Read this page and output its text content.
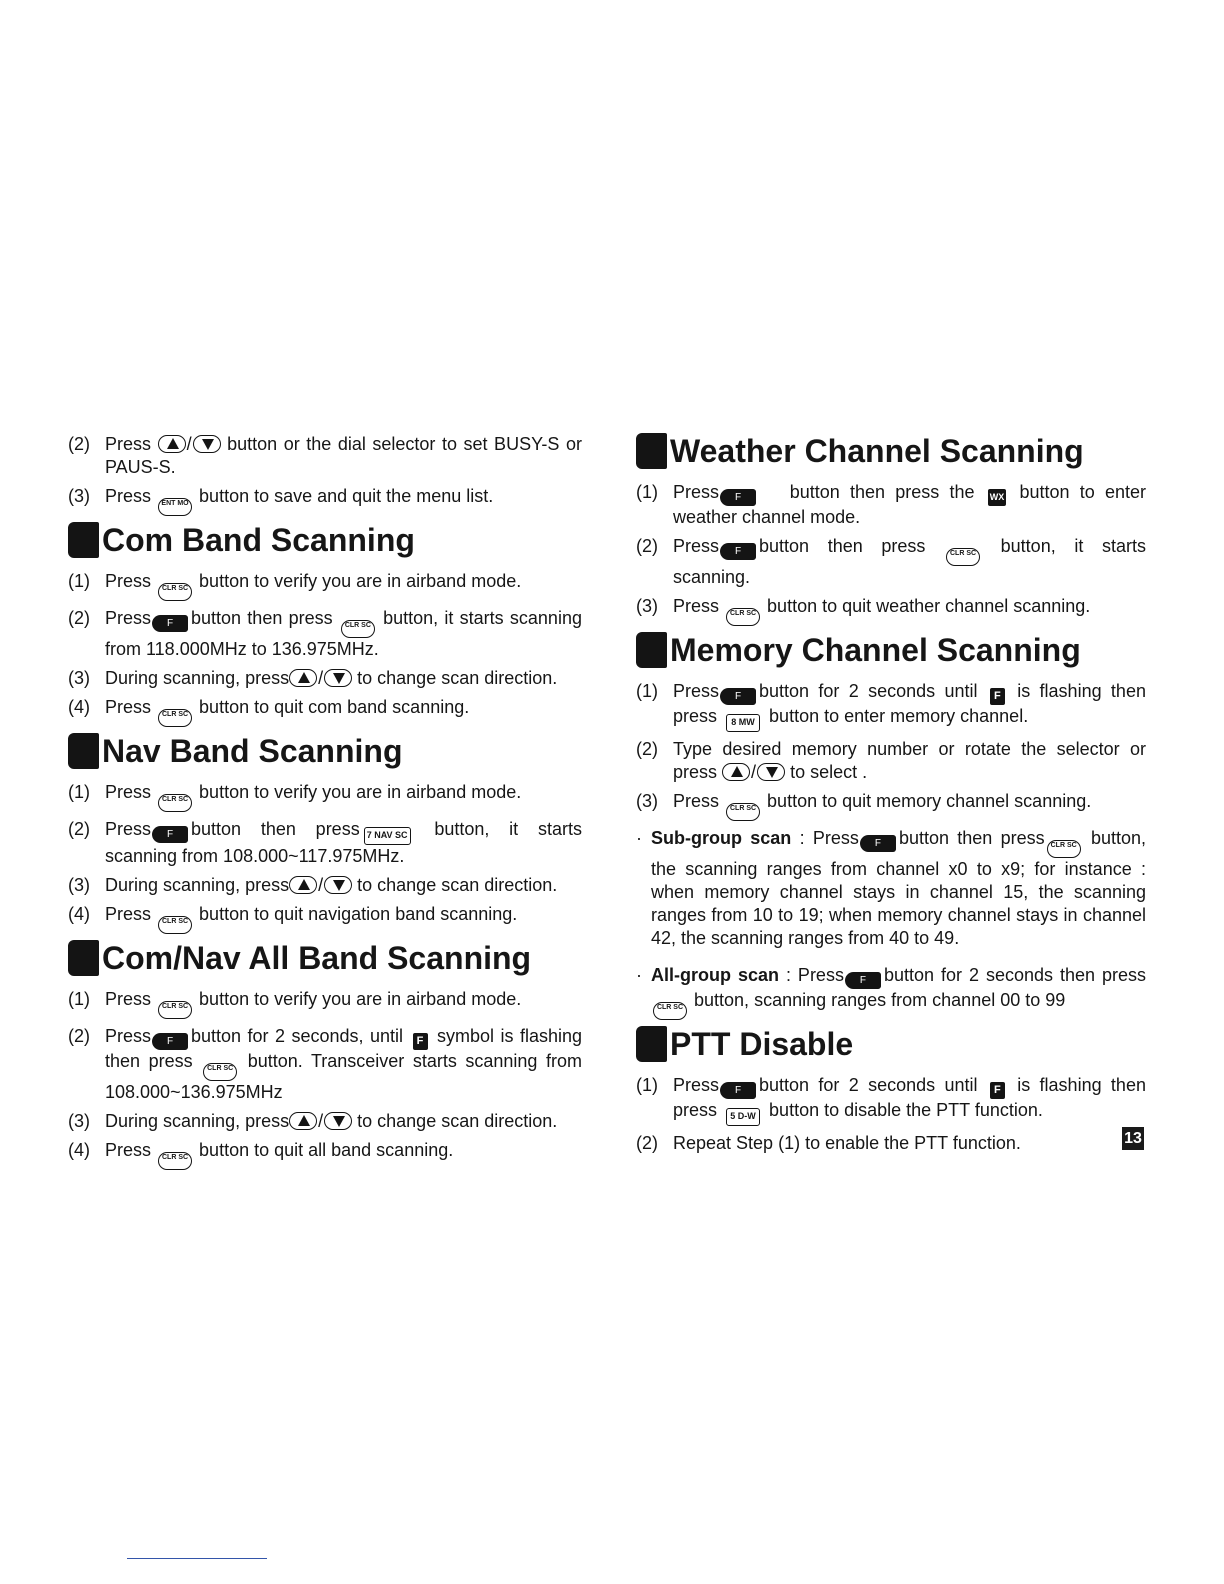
(2) Press / button or the dial selector to set BUSY-S or PAUS-S.
(3) Press ENT MO button to save and quit the menu list.
Com Band Scanning
(1) Press CLR SC button to verify you are in airband mode.
(2) Press F button then press CLR SC button, it starts scanning from 118.000MHz to 136.975MHz.
(3) During scanning, press / to change scan direction.
(4) Press CLR SC button to quit com band scanning.
Nav Band Scanning
(1) Press CLR SC button to verify you are in airband mode.
(2) Press F button then press 7 NAV SC button, it starts scanning from 108.000~117.975MHz.
(3) During scanning, press / to change scan direction.
(4) Press CLR SC button to quit navigation band scanning.
Com/Nav All Band Scanning
(1) Press CLR SC button to verify you are in airband mode.
(2) Press F button for 2 seconds, until F symbol is flashing then press CLR SC button. Transceiver starts scanning from 108.000~136.975MHz
(3) During scanning, press / to change scan direction.
(4) Press CLR SC button to quit all band scanning.
Weather Channel Scanning
(1) Press F	button then press the WX button to enter weather channel mode.
(2) Press F button then press	CLR SC button, it starts scanning.
(3) Press CLR SC button to quit weather channel scanning.
Memory Channel Scanning
(1) Press F button for 2 seconds until F is flashing then press 8 MW button to enter memory channel.
(2) Type desired memory number or rotate the selector or press / to select .
(3) Press CLR SC button to quit memory channel scanning.
· Sub-group scan : Press F button then press CLR SC button, the scanning ranges from channel x0 to x9; for instance : when memory channel stays in channel 15, the scanning ranges from 10 to 19; when memory channel stays in channel 42, the scanning ranges from 40 to 49.
· All-group scan : Press F button for 2 seconds then press CLR SC button, scanning ranges from channel 00 to 99
PTT Disable
(1) Press F button for 2 seconds until F is flashing then press 5 D-W button to disable the PTT function.
(2) Repeat Step (1) to enable the PTT function.	13
